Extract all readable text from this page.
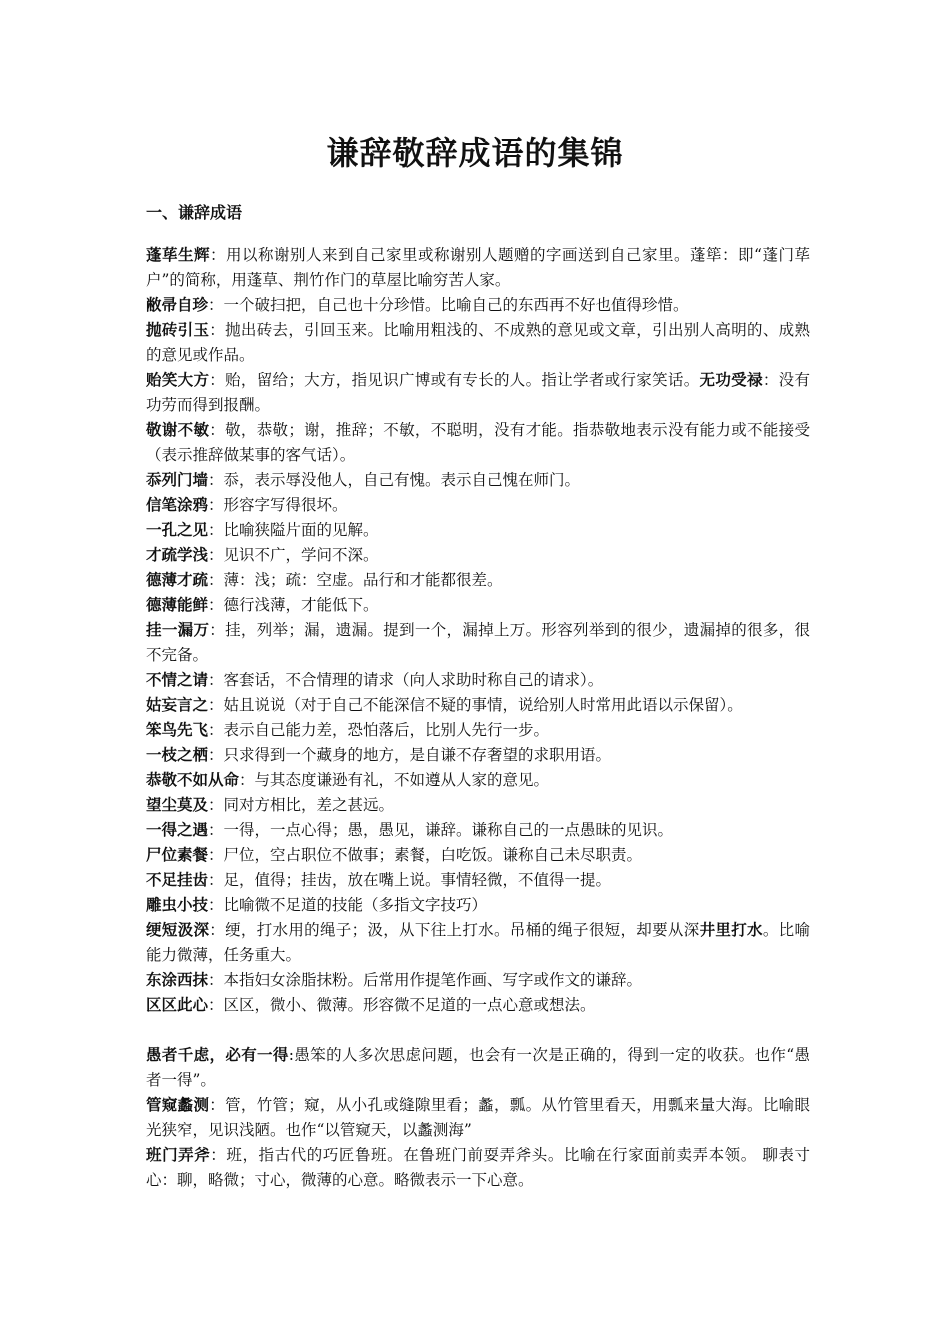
谦辞敬辞成语的集锦
一、谦辞成语

蓬荜生辉：用以称谢别人来到自己家里或称谢别人题赠的字画送到自己家里。蓬筚：即“蓬门荜户”的简称，用蓬草、荆竹作门的草屋比喻穷苦人家。

敝帚自珍：一个破扫把，自己也十分珍惜。比喻自己的东西再不好也值得珍惜。

抛砖引玉：抛出砖去，引回玉来。比喻用粗浅的、不成熟的意见或文章，引出别人高明的、成熟的意见或作品。

贻笑大方：贻，留给；大方，指见识广博或有专长的人。指让学者或行家笑话。无功受禄：没有功劳而得到报酬。

敬谢不敏：敬，恭敬；谢，推辞；不敏，不聪明，没有才能。指恭敬地表示没有能力或不能接受（表示推辞做某事的客气话）。

忝列门墙：忝，表示辱没他人，自己有愧。表示自己愧在师门。

信笔涂鸦：形容字写得很坏。

一孔之见：比喻狭隘片面的见解。

才疏学浅：见识不广，学问不深。

德薄才疏：薄：浅；疏：空虚。品行和才能都很差。

德薄能鲜：德行浅薄，才能低下。

挂一漏万：挂，列举；漏，遗漏。提到一个，漏掉上万。形容列举到的很少，遗漏掉的很多，很不完备。

不情之请：客套话，不合情理的请求（向人求助时称自己的请求）。

姑妄言之：姑且说说（对于自己不能深信不疑的事情，说给别人时常用此语以示保留）。

笨鸟先飞：表示自己能力差，恐怕落后，比别人先行一步。

一枝之栖：只求得到一个藏身的地方，是自谦不存奢望的求职用语。

恭敬不如从命：与其态度谦逊有礼，不如遵从人家的意见。

望尘莫及：同对方相比，差之甚远。

一得之遇：一得，一点心得；愚，愚见，谦辞。谦称自己的一点愚昧的见识。

尸位素餐：尸位，空占职位不做事；素餐，白吃饭。谦称自己未尽职责。

不足挂齿：足，值得；挂齿，放在嘴上说。事情轻微，不值得一提。

雕虫小技：比喻微不足道的技能（多指文字技巧）

绠短汲深：绠，打水用的绳子；汲，从下往上打水。吊桶的绳子很短，却要从深井里打水。比喻能力微薄，任务重大。

东涂西抹：本指妇女涂脂抹粉。后常用作提笔作画、写字或作文的谦辞。

区区此心：区区，微小、微薄。形容微不足道的一点心意或想法。

愚者千虑，必有一得:愚笨的人多次思虑问题，也会有一次是正确的，得到一定的收获。也作“愚者一得”。

管窥蠡测：管，竹管；窥，从小孔或缝隙里看；蠡，瓢。从竹管里看天，用瓢来量大海。比喻眼光狭窄，见识浅陋。也作“以管窥天，以蠡测海”

班门弄斧：班，指古代的巧匠鲁班。在鲁班门前耍弄斧头。比喻在行家面前卖弄本领。 聊表寸心：聊，略微；寸心，微薄的心意。略微表示一下心意。
